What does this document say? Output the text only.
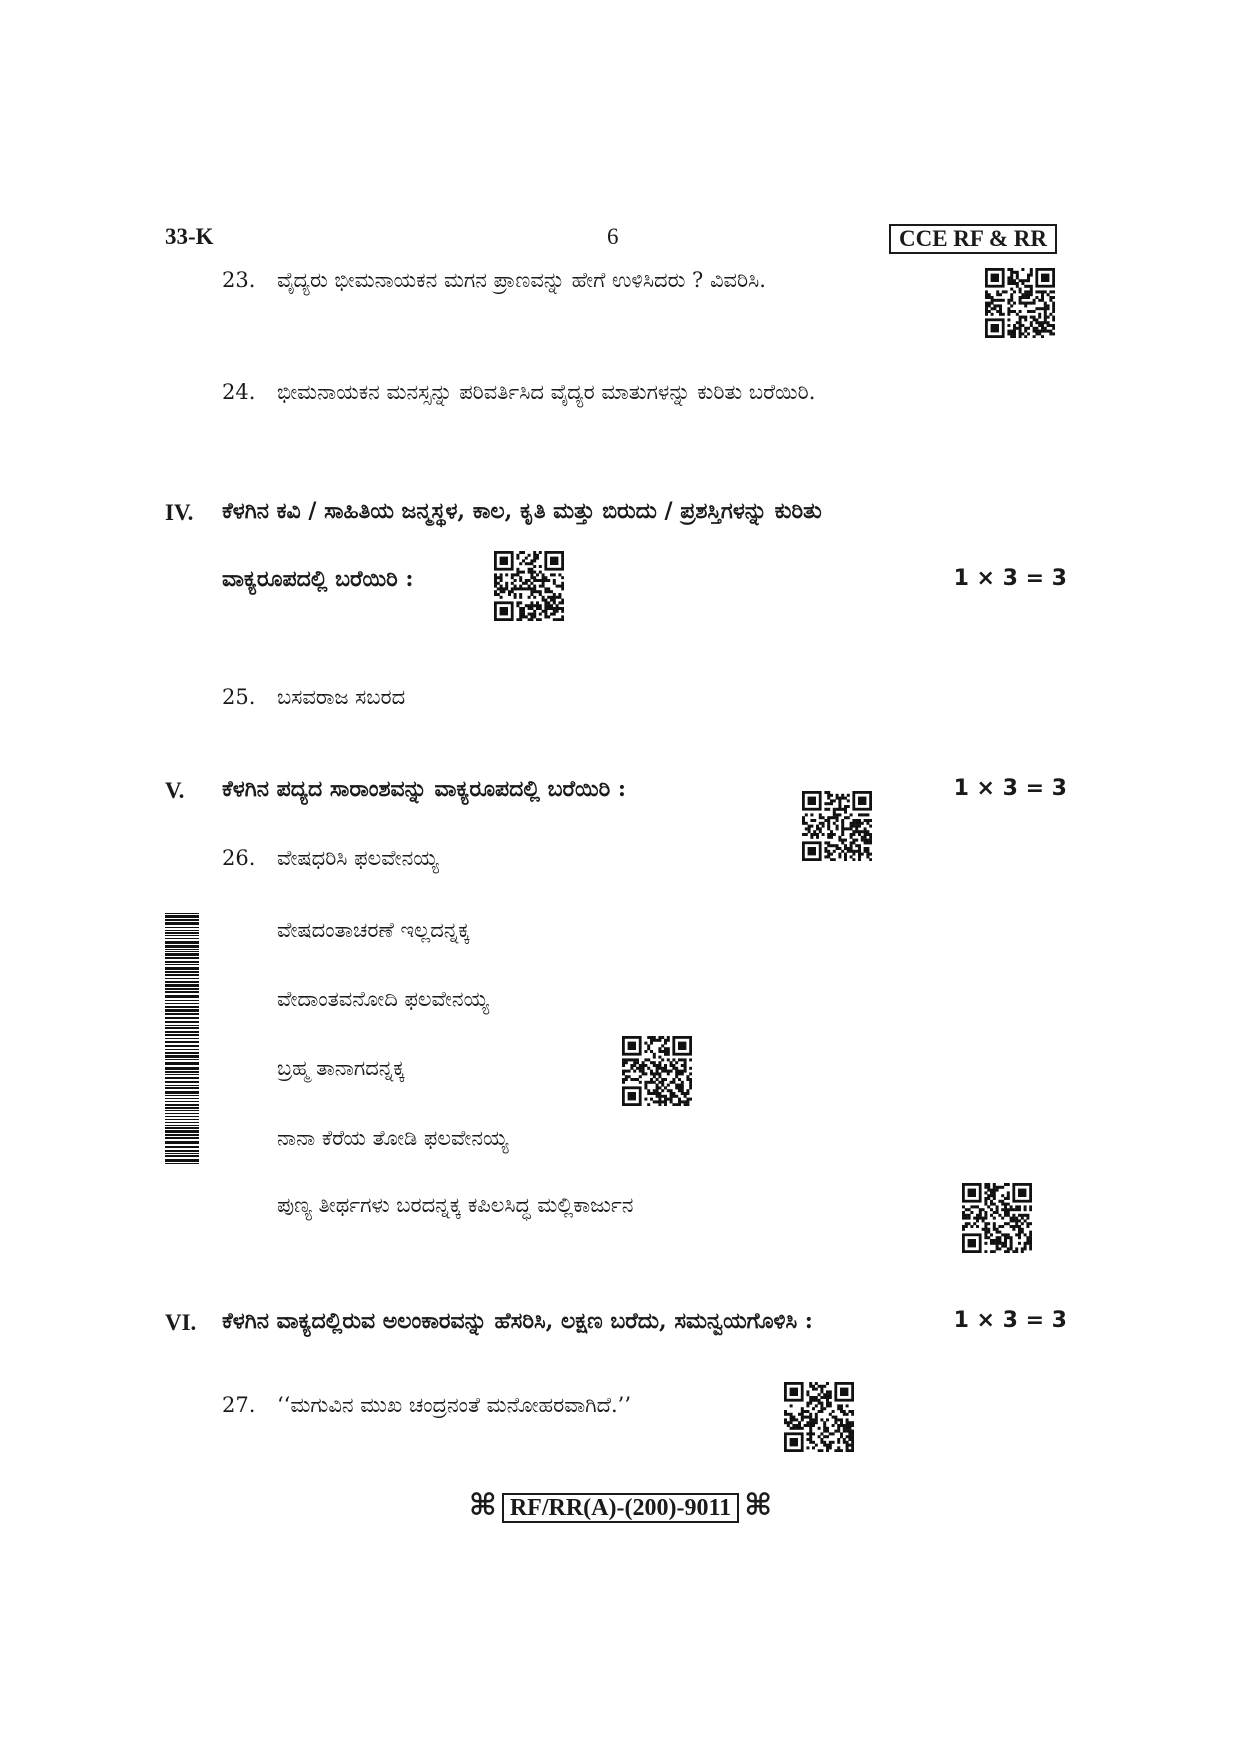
33-K	6	CCE RF & RR
23. ವೈದ್ಯರು ಭೀಮನಾಯಕನ ಮಗನ ಪ್ರಾಣವನ್ನು ಹೇಗೆ ಉಳಿಸಿದರು ? ವಿವರಿಸಿ.
24. ಭೀಮನಾಯಕನ ಮನಸ್ಸನ್ನು ಪರಿವರ್ತಿಸಿದ ವೈದ್ಯರ ಮಾತುಗಳನ್ನು ಕುರಿತು ಬರೆಯಿರಿ.
IV. ಕೆಳಗಿನ ಕವಿ / ಸಾಹಿತಿಯ ಜನ್ಮಸ್ಥಳ, ಕಾಲ, ಕೃತಿ ಮತ್ತು ಬಿರುದು / ಪ್ರಶಸ್ತಿಗಳನ್ನು ಕುರಿತು
ವಾಕ್ಯರೂಪದಲ್ಲಿ ಬರೆಯಿರಿ :	1 × 3 = 3
25. ಬಸವರಾಜ ಸಬರದ
V. ಕೆಳಗಿನ ಪದ್ಯದ ಸಾರಾಂಶವನ್ನು ವಾಕ್ಯರೂಪದಲ್ಲಿ ಬರೆಯಿರಿ :	1 × 3 = 3
26. ವೇಷಧರಿಸಿ ಫಲವೇನಯ್ಯ
ವೇಷದಂತಾಚರಣೆ ಇಲ್ಲದನ್ನಕ್ಕ
ವೇದಾಂತವನೋದಿ ಫಲವೇನಯ್ಯ
ಬ್ರಹ್ಮ ತಾನಾಗದನ್ನಕ್ಕ
ನಾನಾ ಕೆರೆಯ ತೋಡಿ ಫಲವೇನಯ್ಯ
ಪುಣ್ಯ ತೀರ್ಥಗಳು ಬರದನ್ನಕ್ಕ ಕಪಿಲಸಿದ್ಧ ಮಲ್ಲಿಕಾರ್ಜುನ
VI. ಕೆಳಗಿನ ವಾಕ್ಯದಲ್ಲಿರುವ ಅಲಂಕಾರವನ್ನು ಹೆಸರಿಸಿ, ಲಕ್ಷಣ ಬರೆದು, ಸಮನ್ವಯಗೊಳಿಸಿ :	1 × 3 = 3
27. ‘‘ಮಗುವಿನ ಮುಖ ಚಂದ್ರನಂತೆ ಮನೋಹರವಾಗಿದೆ.’’
⌘ RF/RR(A)-(200)-9011 ⌘
